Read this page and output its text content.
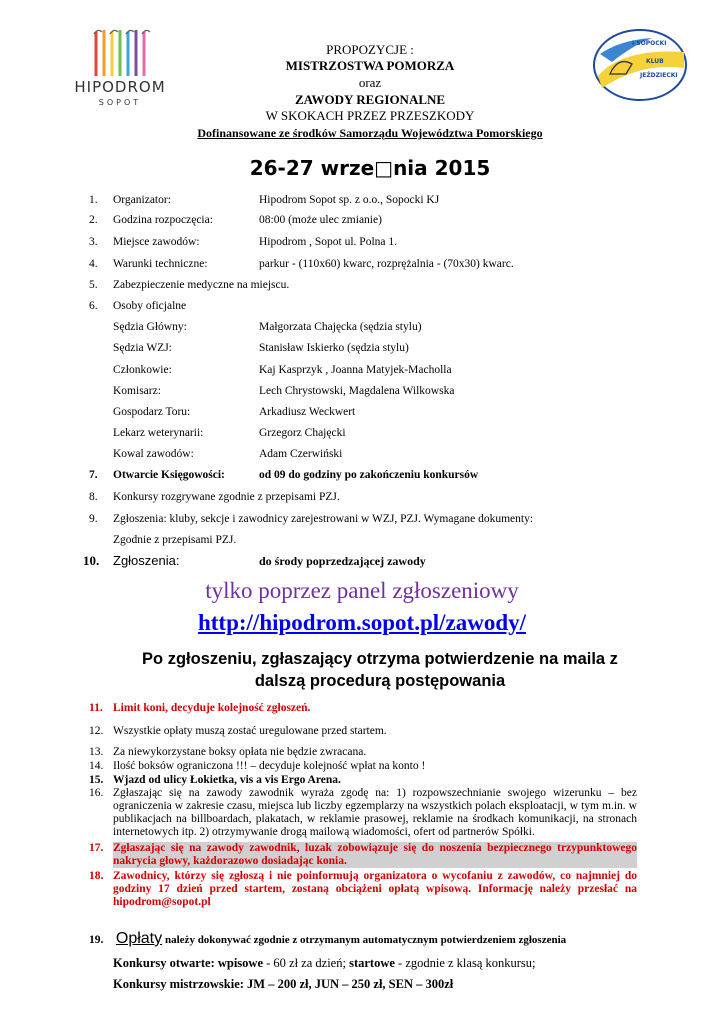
HIPODROM
SOPOT
I SOPOCKI
KLUB
JEŹDZIECKI
PROPOZYCJE :
MISTRZOSTWA POMORZA
oraz
ZAWODY REGIONALNE
W SKOKACH PRZEZ PRZESZKODY
Dofinansowane ze środków Samorządu Województwa Pomorskiego
26-27 wrze□nia 2015
1.	Organizator:	Hipodrom Sopot sp. z o.o., Sopocki KJ
2.	Godzina rozpoczęcia:	08:00 (może ulec zmianie)
3.	Miejsce zawodów:	Hipodrom , Sopot ul. Polna 1.
4.	Warunki techniczne:	parkur - (110x60) kwarc, rozprężalnia - (70x30) kwarc.
5.	Zabezpieczenie medyczne na miejscu.
6.	Osoby oficjalne
Sędzia Główny:	Małgorzata Chajęcka (sędzia stylu)
Sędzia WZJ:	Stanisław Iskierko (sędzia stylu)
Członkowie:	Kaj Kasprzyk , Joanna Matyjek-Macholla
Komisarz:	Lech Chrystowski, Magdalena Wilkowska
Gospodarz Toru:	Arkadiusz Weckwert
Lekarz weterynarii:	Grzegorz Chajęcki
Kowal zawodów:	Adam Czerwiński
7.	Otwarcie Księgowości:	od 09 do godziny po zakończeniu konkursów
8.	Konkursy rozgrywane zgodnie z przepisami PZJ.
9.	Zgłoszenia: kluby, sekcje i zawodnicy zarejestrowani w WZJ, PZJ. Wymagane dokumenty:
Zgodnie z przepisami PZJ.
10.	Zgłoszenia:	do środy poprzedzającej zawody
tylko poprzez panel zgłoszeniowy
http://hipodrom.sopot.pl/zawody/
Po zgłoszeniu, zgłaszający otrzyma potwierdzenie na maila z
dalszą procedurą postępowania
11. Limit koni, decyduje kolejność zgłoszeń.
12. Wszystkie opłaty muszą zostać uregulowane przed startem.
13. Za niewykorzystane boksy opłata nie będzie zwracana.
14. Ilość boksów ograniczona !!! – decyduje kolejność wpłat na konto !
15. Wjazd od ulicy Łokietka, vis a vis Ergo Arena.
16. Zgłaszając się na zawody zawodnik wyraża zgodę na: 1) rozpowszechnianie swojego wizerunku – bez ograniczenia w zakresie czasu, miejsca lub liczby egzemplarzy na wszystkich polach eksploatacji, w tym m.in. w publikacjach na billboardach, plakatach, w reklamie prasowej, reklamie na środkach komunikacji, na stronach internetowych itp. 2) otrzymywanie drogą mailową wiadomości, ofert od partnerów Spółki.
17. Zgłaszając się na zawody zawodnik, luzak zobowiązuje się do noszenia bezpiecznego trzypunktowego nakrycia głowy, każdorazowo dosiadając konia.
18. Zawodnicy, którzy się zgłoszą i nie poinformują organizatora o wycofaniu z zawodów, co najmniej do godziny 17 dzień przed startem, zostaną obciążeni opłatą wpisową. Informację należy przesłać na hipodrom@sopot.pl
19. Opłaty należy dokonywać zgodnie z otrzymanym automatycznym potwierdzeniem zgłoszenia
Konkursy otwarte: wpisowe - 60 zł za dzień; startowe - zgodnie z klasą konkursu;
Konkursy mistrzowskie: JM – 200 zł, JUN – 250 zł, SEN – 300zł
